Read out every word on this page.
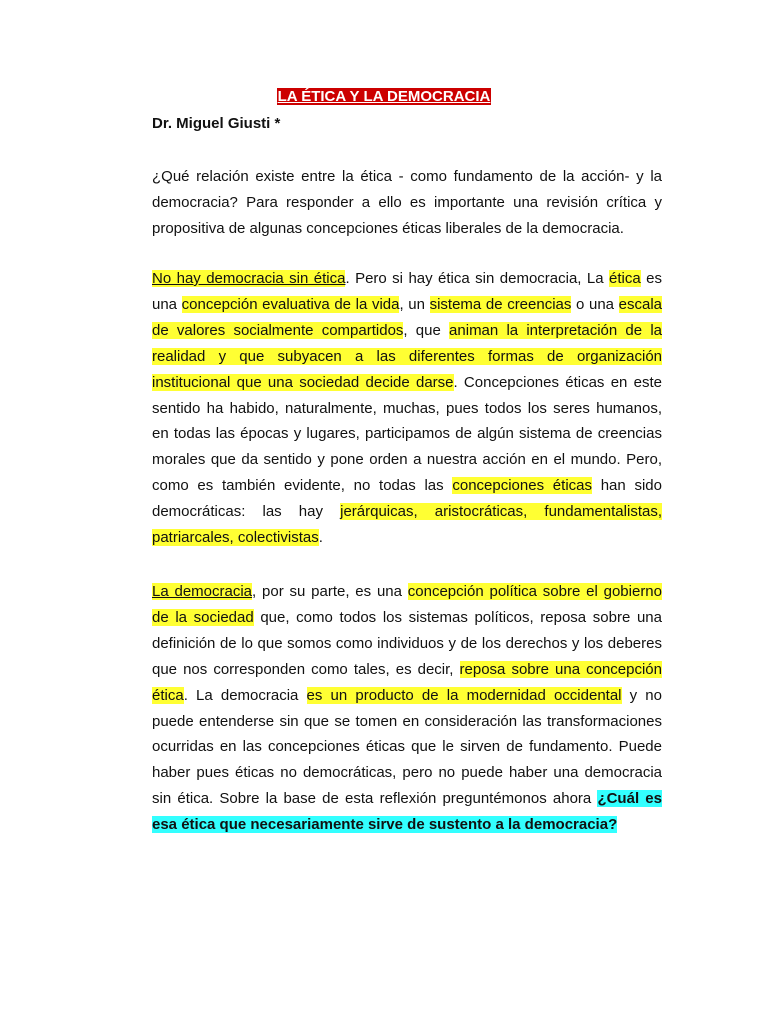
LA ÉTICA Y LA DEMOCRACIA
Dr. Miguel Giusti *

¿Qué relación existe entre la ética - como fundamento de la acción- y la democracia? Para responder a ello es importante una revisión crítica y propositiva de algunas concepciones éticas liberales de la democracia.

No hay democracia sin ética. Pero si hay ética sin democracia, La ética es una concepción evaluativa de la vida, un sistema de creencias o una escala de valores socialmente compartidos, que animan la interpretación de la realidad y que subyacen a las diferentes formas de organización institucional que una sociedad decide darse. Concepciones éticas en este sentido ha habido, naturalmente, muchas, pues todos los seres humanos, en todas las épocas y lugares, participamos de algún sistema de creencias morales que da sentido y pone orden a nuestra acción en el mundo. Pero, como es también evidente, no todas las concepciones éticas han sido democráticas: las hay jerárquicas, aristocráticas, fundamentalistas, patriarcales, colectivistas.

La democracia, por su parte, es una concepción política sobre el gobierno de la sociedad que, como todos los sistemas políticos, reposa sobre una definición de lo que somos como individuos y de los derechos y los deberes que nos corresponden como tales, es decir, reposa sobre una concepción ética. La democracia es un producto de la modernidad occidental y no puede entenderse sin que se tomen en consideración las transformaciones ocurridas en las concepciones éticas que le sirven de fundamento. Puede haber pues éticas no democráticas, pero no puede haber una democracia sin ética. Sobre la base de esta reflexión preguntémonos ahora ¿Cuál es esa ética que necesariamente sirve de sustento a la democracia?
